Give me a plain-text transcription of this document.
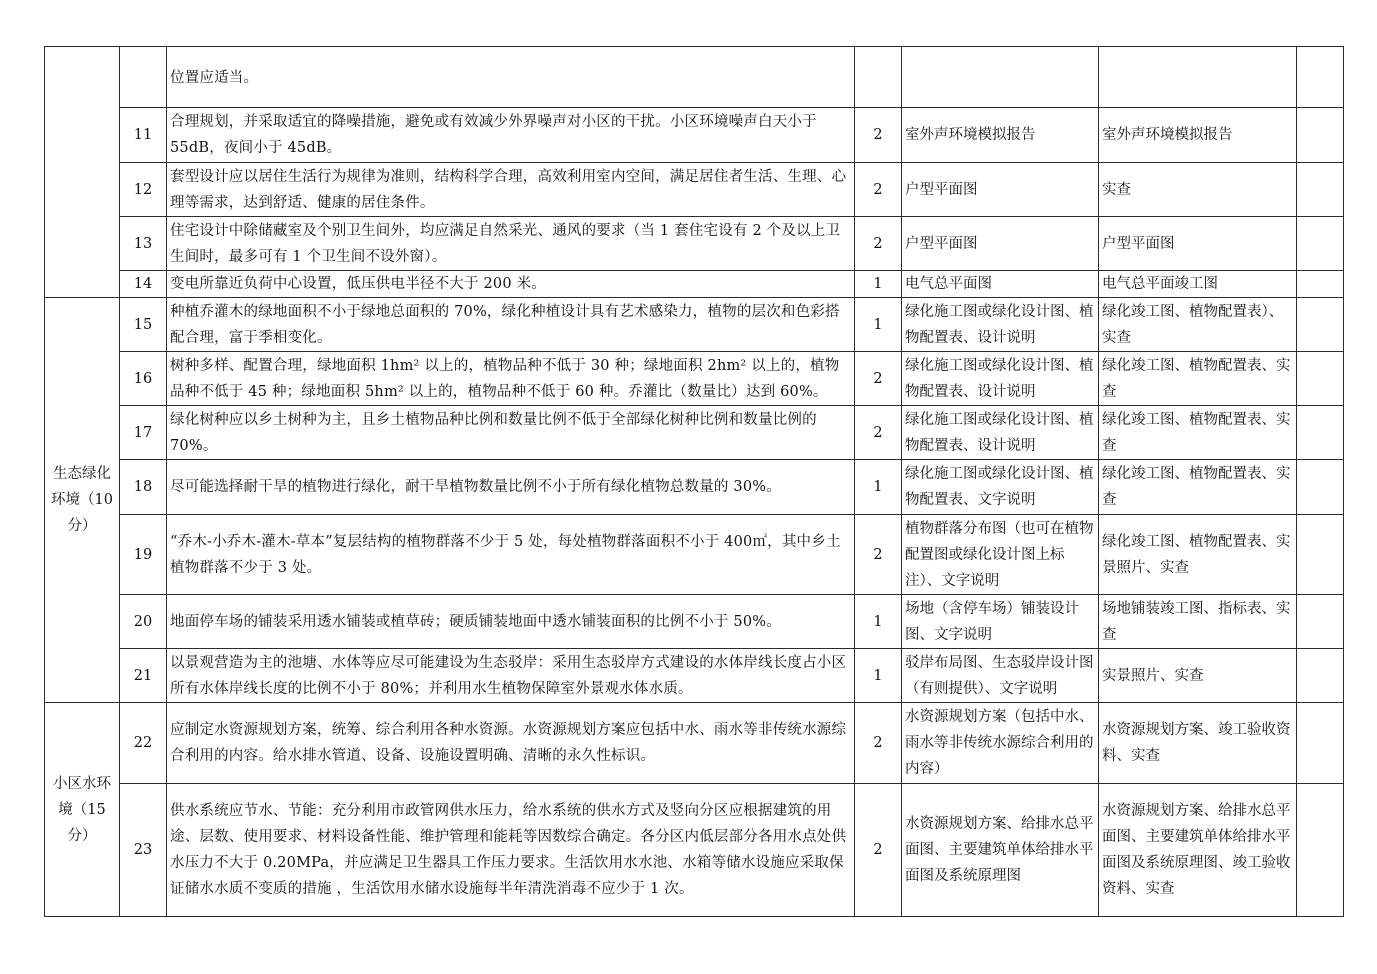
		位置应适当。				
	11	合理规划，并采取适宜的降噪措施，避免或有效减少外界噪声对小区的干扰。小区环境噪声白天小于 55dB，夜间小于 45dB。	2	室外声环境模拟报告	室外声环境模拟报告	
	12	套型设计应以居住生活行为规律为准则，结构科学合理，高效利用室内空间，满足居住者生活、生理、心理等需求，达到舒适、健康的居住条件。	2	户型平面图	实查	
	13	住宅设计中除储藏室及个别卫生间外，均应满足自然采光、通风的要求（当 1 套住宅设有 2 个及以上卫生间时，最多可有 1 个卫生间不设外窗）。	2	户型平面图	户型平面图	
	14	变电所靠近负荷中心设置，低压供电半径不大于 200 米。	1	电气总平面图	电气总平面竣工图	
生态绿化环境（10 分）	15	种植乔灌木的绿地面积不小于绿地总面积的 70%，绿化种植设计具有艺术感染力，植物的层次和色彩搭配合理，富于季相变化。	1	绿化施工图或绿化设计图、植物配置表、设计说明	绿化竣工图、植物配置表）、实查	
	16	树种多样、配置合理，绿地面积 1hm² 以上的，植物品种不低于 30 种；绿地面积 2hm² 以上的，植物品种不低于 45 种；绿地面积 5hm² 以上的，植物品种不低于 60 种。乔灌比（数量比）达到 60%。	2	绿化施工图或绿化设计图、植物配置表、设计说明	绿化竣工图、植物配置表、实查	
	17	绿化树种应以乡土树种为主，且乡土植物品种比例和数量比例不低于全部绿化树种比例和数量比例的 70%。	2	绿化施工图或绿化设计图、植物配置表、设计说明	绿化竣工图、植物配置表、实查	
	18	尽可能选择耐干旱的植物进行绿化，耐干旱植物数量比例不小于所有绿化植物总数量的 30%。	1	绿化施工图或绿化设计图、植物配置表、文字说明	绿化竣工图、植物配置表、实查	
	19	“乔木-小乔木-灌木-草本”复层结构的植物群落不少于 5 处，每处植物群落面积不小于 400㎡，其中乡土植物群落不少于 3 处。	2	植物群落分布图（也可在植物配置图或绿化设计图上标注）、文字说明	绿化竣工图、植物配置表、实景照片、实查	
	20	地面停车场的铺装采用透水铺装或植草砖；硬质铺装地面中透水铺装面积的比例不小于 50%。	1	场地（含停车场）铺装设计图、文字说明	场地铺装竣工图、指标表、实查	
	21	以景观营造为主的池塘、水体等应尽可能建设为生态驳岸：采用生态驳岸方式建设的水体岸线长度占小区所有水体岸线长度的比例不小于 80%；并利用水生植物保障室外景观水体水质。	1	驳岸布局图、生态驳岸设计图（有则提供）、文字说明	实景照片、实查	
小区水环境（15 分）	22	应制定水资源规划方案，统筹、综合利用各种水资源。水资源规划方案应包括中水、雨水等非传统水源综合利用的内容。给水排水管道、设备、设施设置明确、清晰的永久性标识。	2	水资源规划方案（包括中水、雨水等非传统水源综合利用的内容）	水资源规划方案、竣工验收资料、实查	
	23	供水系统应节水、节能：充分利用市政管网供水压力，给水系统的供水方式及竖向分区应根据建筑的用途、层数、使用要求、材料设备性能、维护管理和能耗等因数综合确定。各分区内低层部分各用水点处供水压力不大于 0.20MPa，并应满足卫生器具工作压力要求。生活饮用水水池、水箱等储水设施应采取保证储水水质不变质的措施 ，生活饮用水储水设施每半年清洗消毒不应少于 1 次。	2	水资源规划方案、给排水总平面图、主要建筑单体给排水平面图及系统原理图	水资源规划方案、给排水总平面图、主要建筑单体给排水平面图及系统原理图、竣工验收资料、实查	
